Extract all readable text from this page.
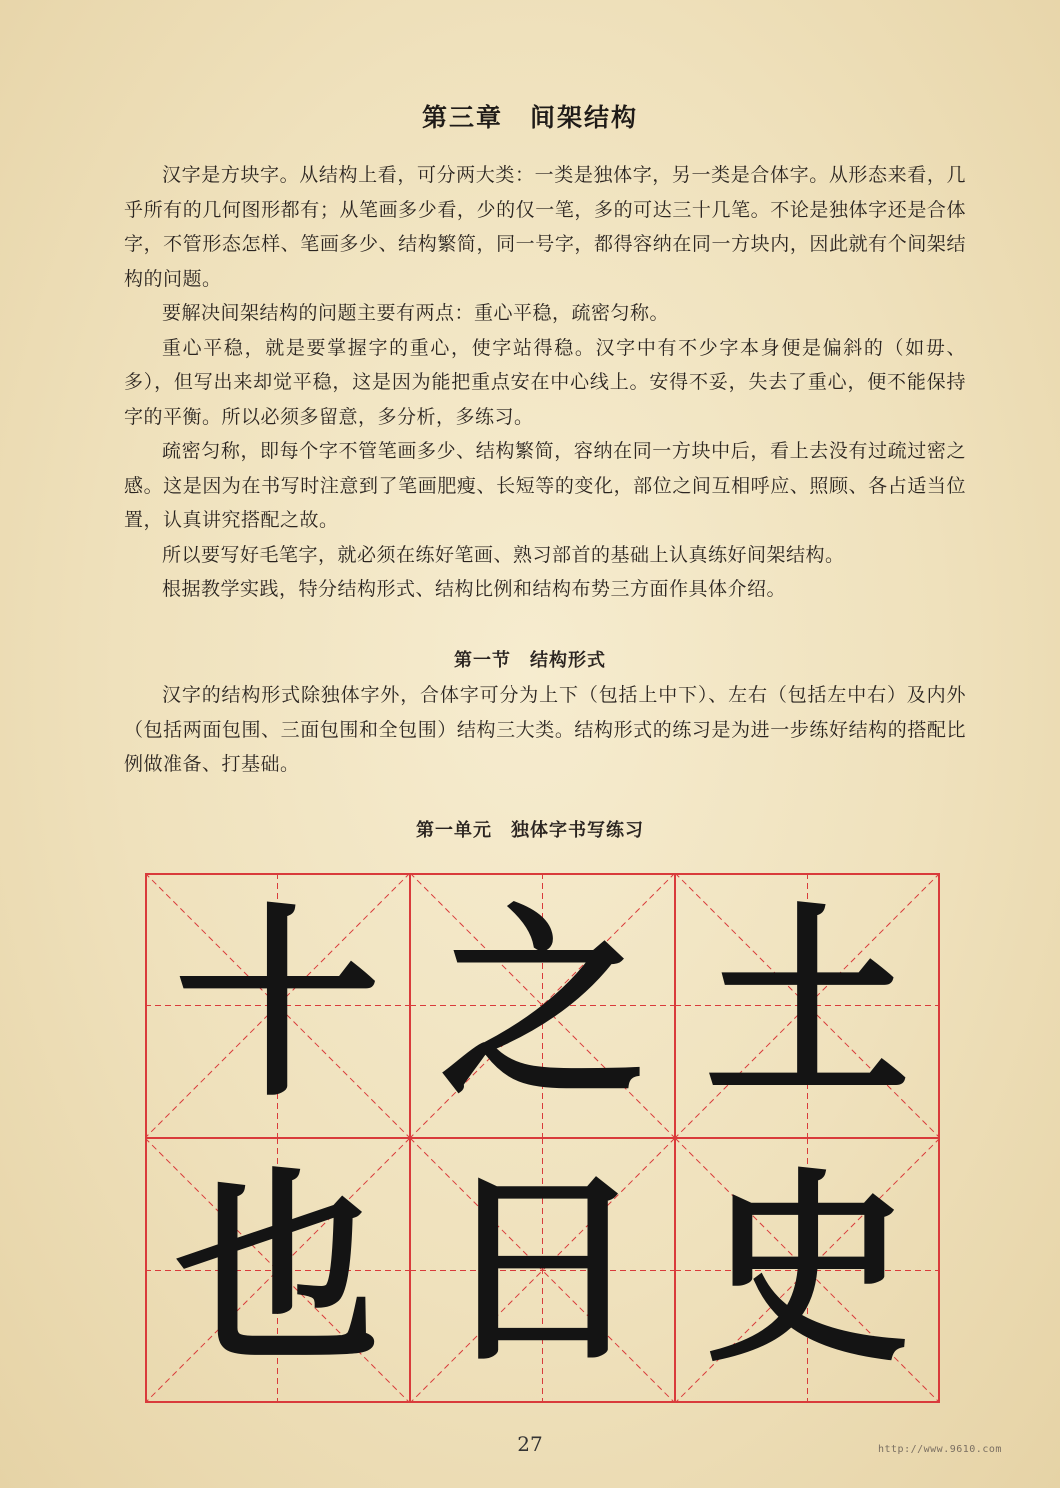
第三章　间架结构

汉字是方块字。从结构上看，可分两大类：一类是独体字，另一类是合体字。从形态来看，几乎所有的几何图形都有；从笔画多少看，少的仅一笔，多的可达三十几笔。不论是独体字还是合体字，不管形态怎样、笔画多少、结构繁简，同一号字，都得容纳在同一方块内，因此就有个间架结构的问题。

要解决间架结构的问题主要有两点：重心平稳，疏密匀称。

重心平稳，就是要掌握字的重心，使字站得稳。汉字中有不少字本身便是偏斜的（如毋、多），但写出来却觉平稳，这是因为能把重点安在中心线上。安得不妥，失去了重心，便不能保持字的平衡。所以必须多留意，多分析，多练习。

疏密匀称，即每个字不管笔画多少、结构繁简，容纳在同一方块中后，看上去没有过疏过密之感。这是因为在书写时注意到了笔画肥瘦、长短等的变化，部位之间互相呼应、照顾、各占适当位置，认真讲究搭配之故。

所以要写好毛笔字，就必须在练好笔画、熟习部首的基础上认真练好间架结构。

根据教学实践，特分结构形式、结构比例和结构布势三方面作具体介绍。

第一节　结构形式

汉字的结构形式除独体字外，合体字可分为上下（包括上中下）、左右（包括左中右）及内外（包括两面包围、三面包围和全包围）结构三大类。结构形式的练习是为进一步练好结构的搭配比例做准备、打基础。

第一单元　独体字书写练习
十 之 土
也 日 史
27	http://www.9610.com
